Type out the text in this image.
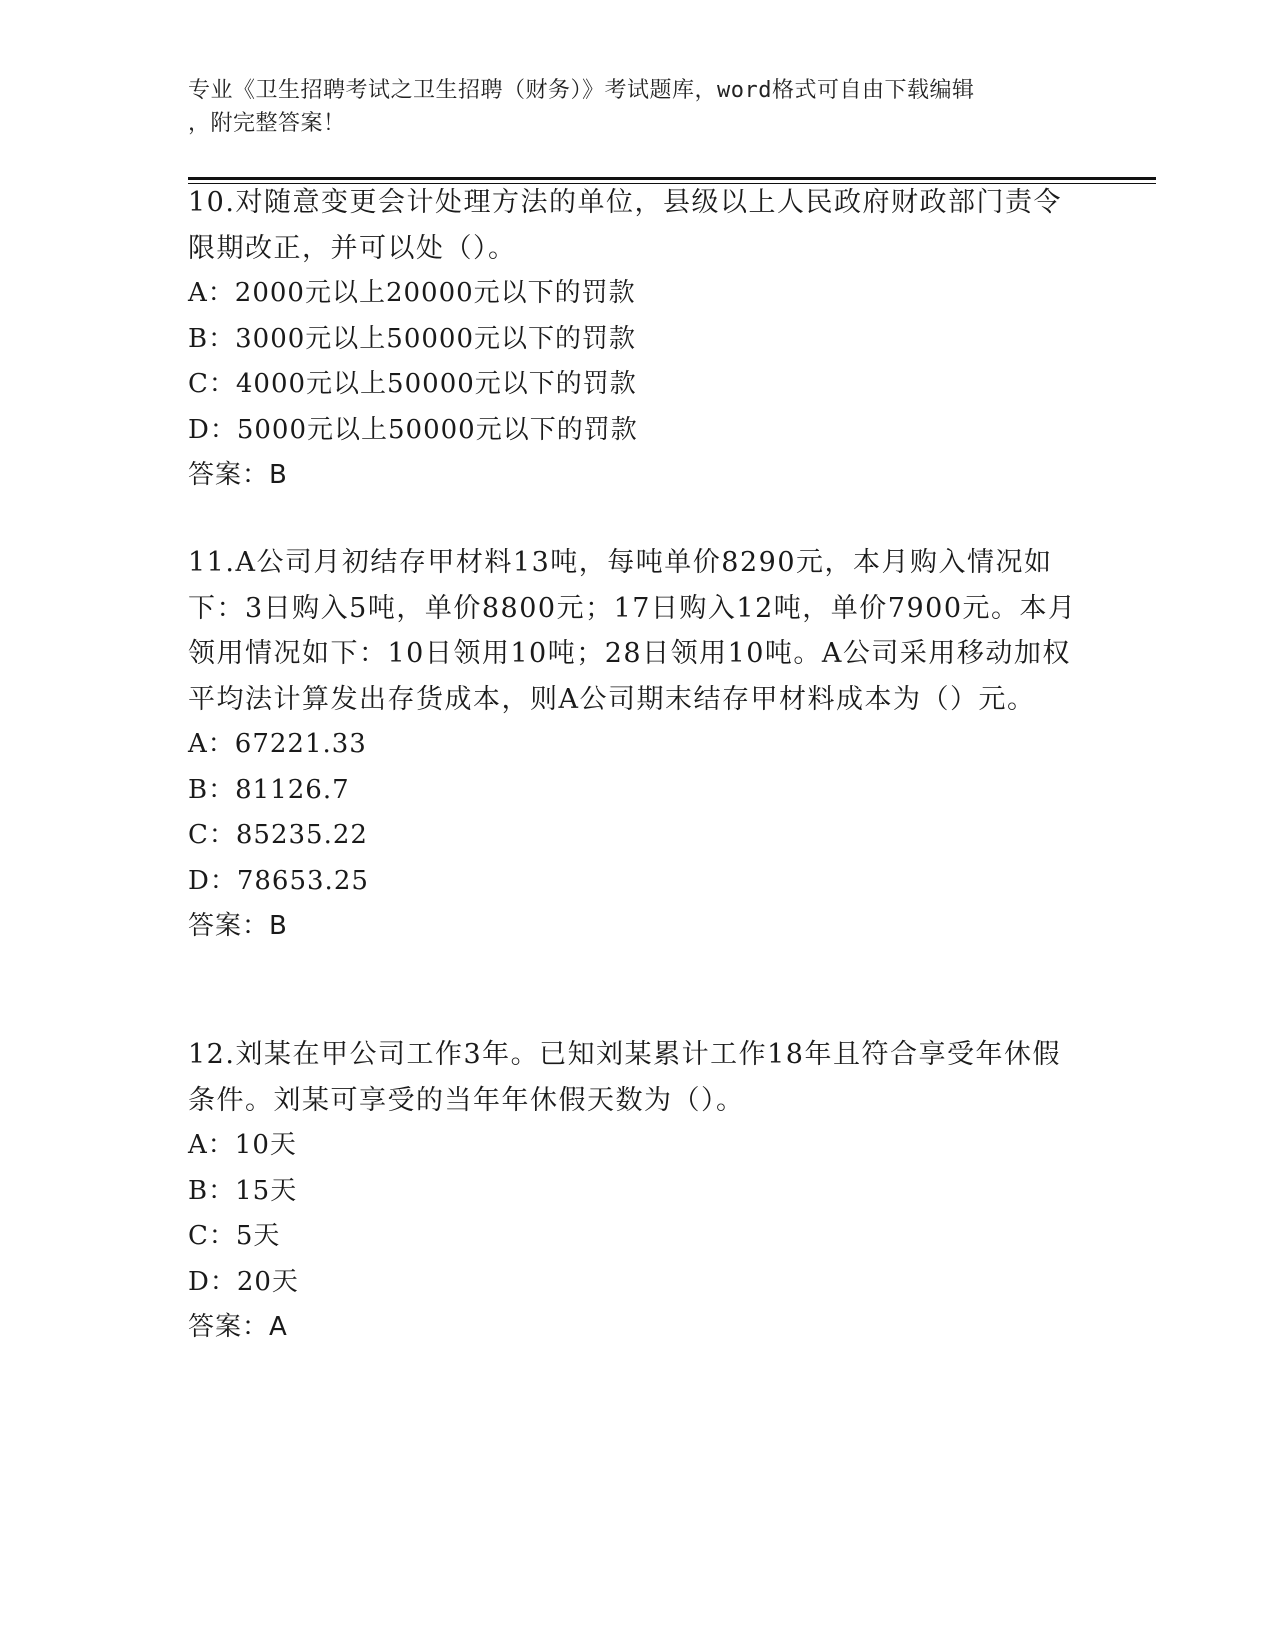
专业《卫生招聘考试之卫生招聘（财务）》考试题库，word格式可自由下载编辑
，附完整答案！

10.对随意变更会计处理方法的单位，县级以上人民政府财政部门责令限期改正，并可以处（）。

A：2000元以上20000元以下的罚款

B：3000元以上50000元以下的罚款

C：4000元以上50000元以下的罚款

D：5000元以上50000元以下的罚款

答案：B

11.A公司月初结存甲材料13吨，每吨单价8290元，本月购入情况如下：3日购入5吨，单价8800元；17日购入12吨，单价7900元。本月领用情况如下：10日领用10吨；28日领用10吨。A公司采用移动加权平均法计算发出存货成本，则A公司期末结存甲材料成本为（）元。

A：67221.33

B：81126.7

C：85235.22

D：78653.25

答案：B

12.刘某在甲公司工作3年。已知刘某累计工作18年且符合享受年休假条件。刘某可享受的当年年休假天数为（）。

A：10天

B：15天

C：5天

D：20天

答案：A
